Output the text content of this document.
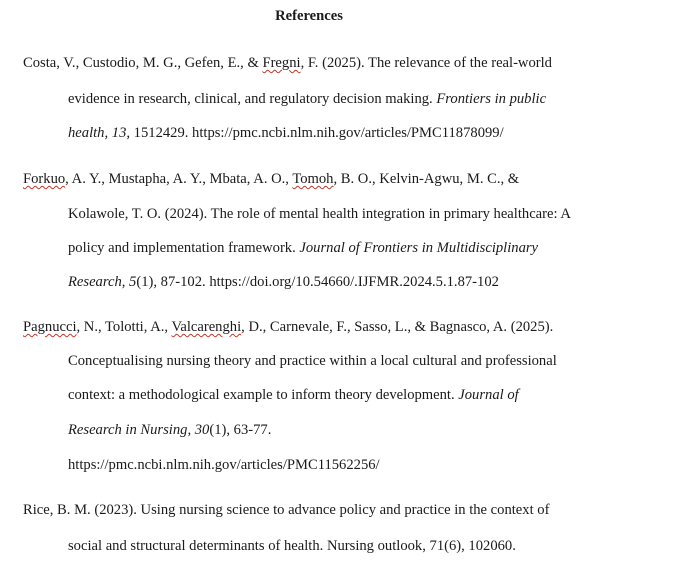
References
Costa, V., Custodio, M. G., Gefen, E., & Fregni, F. (2025). The relevance of the real-world
evidence in research, clinical, and regulatory decision making. Frontiers in public
health, 13, 1512429. https://pmc.ncbi.nlm.nih.gov/articles/PMC11878099/
Forkuo, A. Y., Mustapha, A. Y., Mbata, A. O., Tomoh, B. O., Kelvin-Agwu, M. C., &
Kolawole, T. O. (2024). The role of mental health integration in primary healthcare: A
policy and implementation framework. Journal of Frontiers in Multidisciplinary
Research, 5(1), 87-102. https://doi.org/10.54660/.IJFMR.2024.5.1.87-102
Pagnucci, N., Tolotti, A., Valcarenghi, D., Carnevale, F., Sasso, L., & Bagnasco, A. (2025).
Conceptualising nursing theory and practice within a local cultural and professional
context: a methodological example to inform theory development. Journal of
Research in Nursing, 30(1), 63-77.
https://pmc.ncbi.nlm.nih.gov/articles/PMC11562256/
Rice, B. M. (2023). Using nursing science to advance policy and practice in the context of
social and structural determinants of health. Nursing outlook, 71(6), 102060.
